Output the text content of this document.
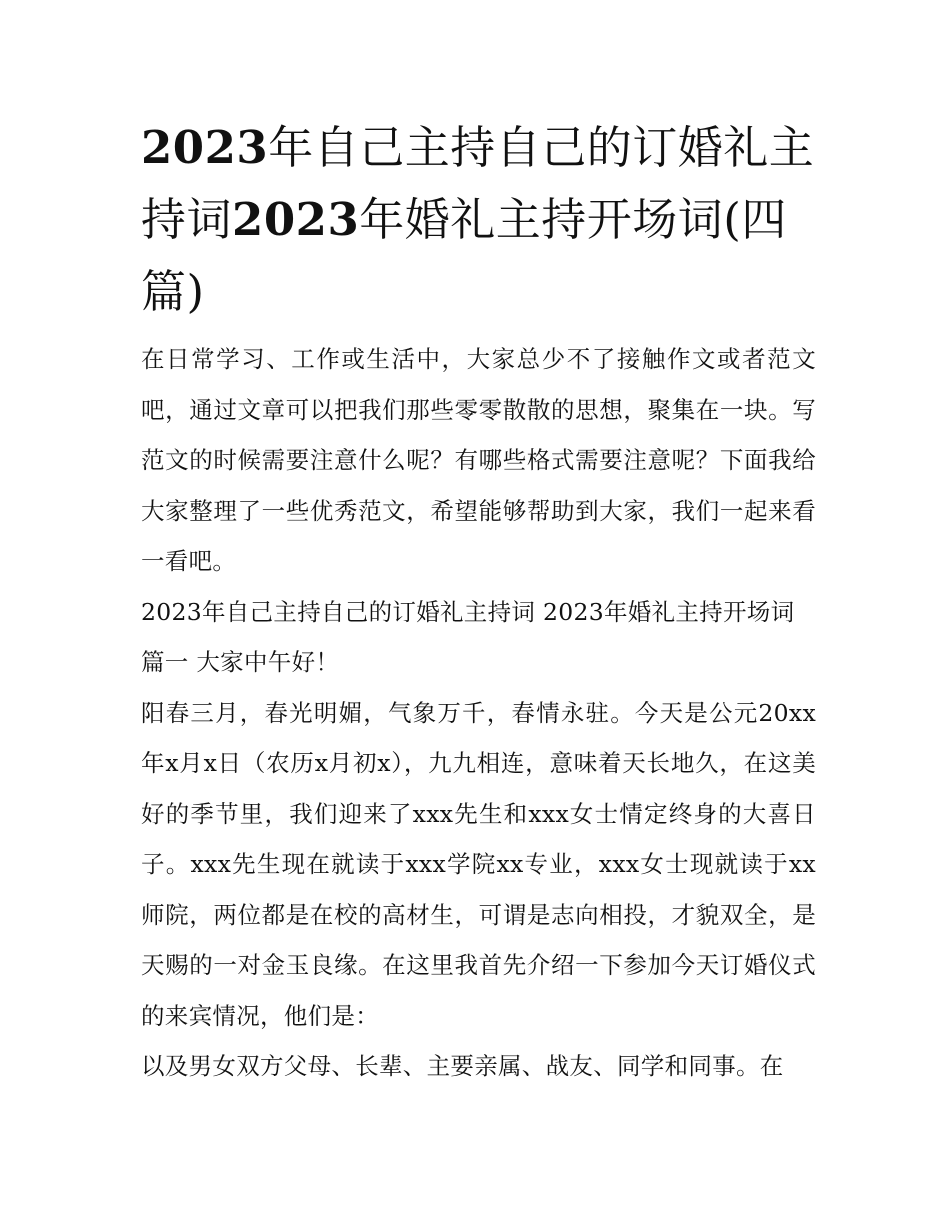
2023年自己主持自己的订婚礼主持词2023年婚礼主持开场词(四篇)

在日常学习、工作或生活中，大家总少不了接触作文或者范文吧，通过文章可以把我们那些零零散散的思想，聚集在一块。写范文的时候需要注意什么呢？有哪些格式需要注意呢？下面我给大家整理了一些优秀范文，希望能够帮助到大家，我们一起来看一看吧。

2023年自己主持自己的订婚礼主持词 2023年婚礼主持开场词

篇一 大家中午好！

阳春三月，春光明媚，气象万千，春情永驻。今天是公元20xx年x月x日（农历x月初x），九九相连，意味着天长地久，在这美好的季节里，我们迎来了xxx先生和xxx女士情定终身的大喜日子。xxx先生现在就读于xxx学院xx专业，xxx女士现就读于xx师院，两位都是在校的高材生，可谓是志向相投，才貌双全，是天赐的一对金玉良缘。在这里我首先介绍一下参加今天订婚仪式的来宾情况，他们是：

以及男女双方父母、长辈、主要亲属、战友、同学和同事。在
